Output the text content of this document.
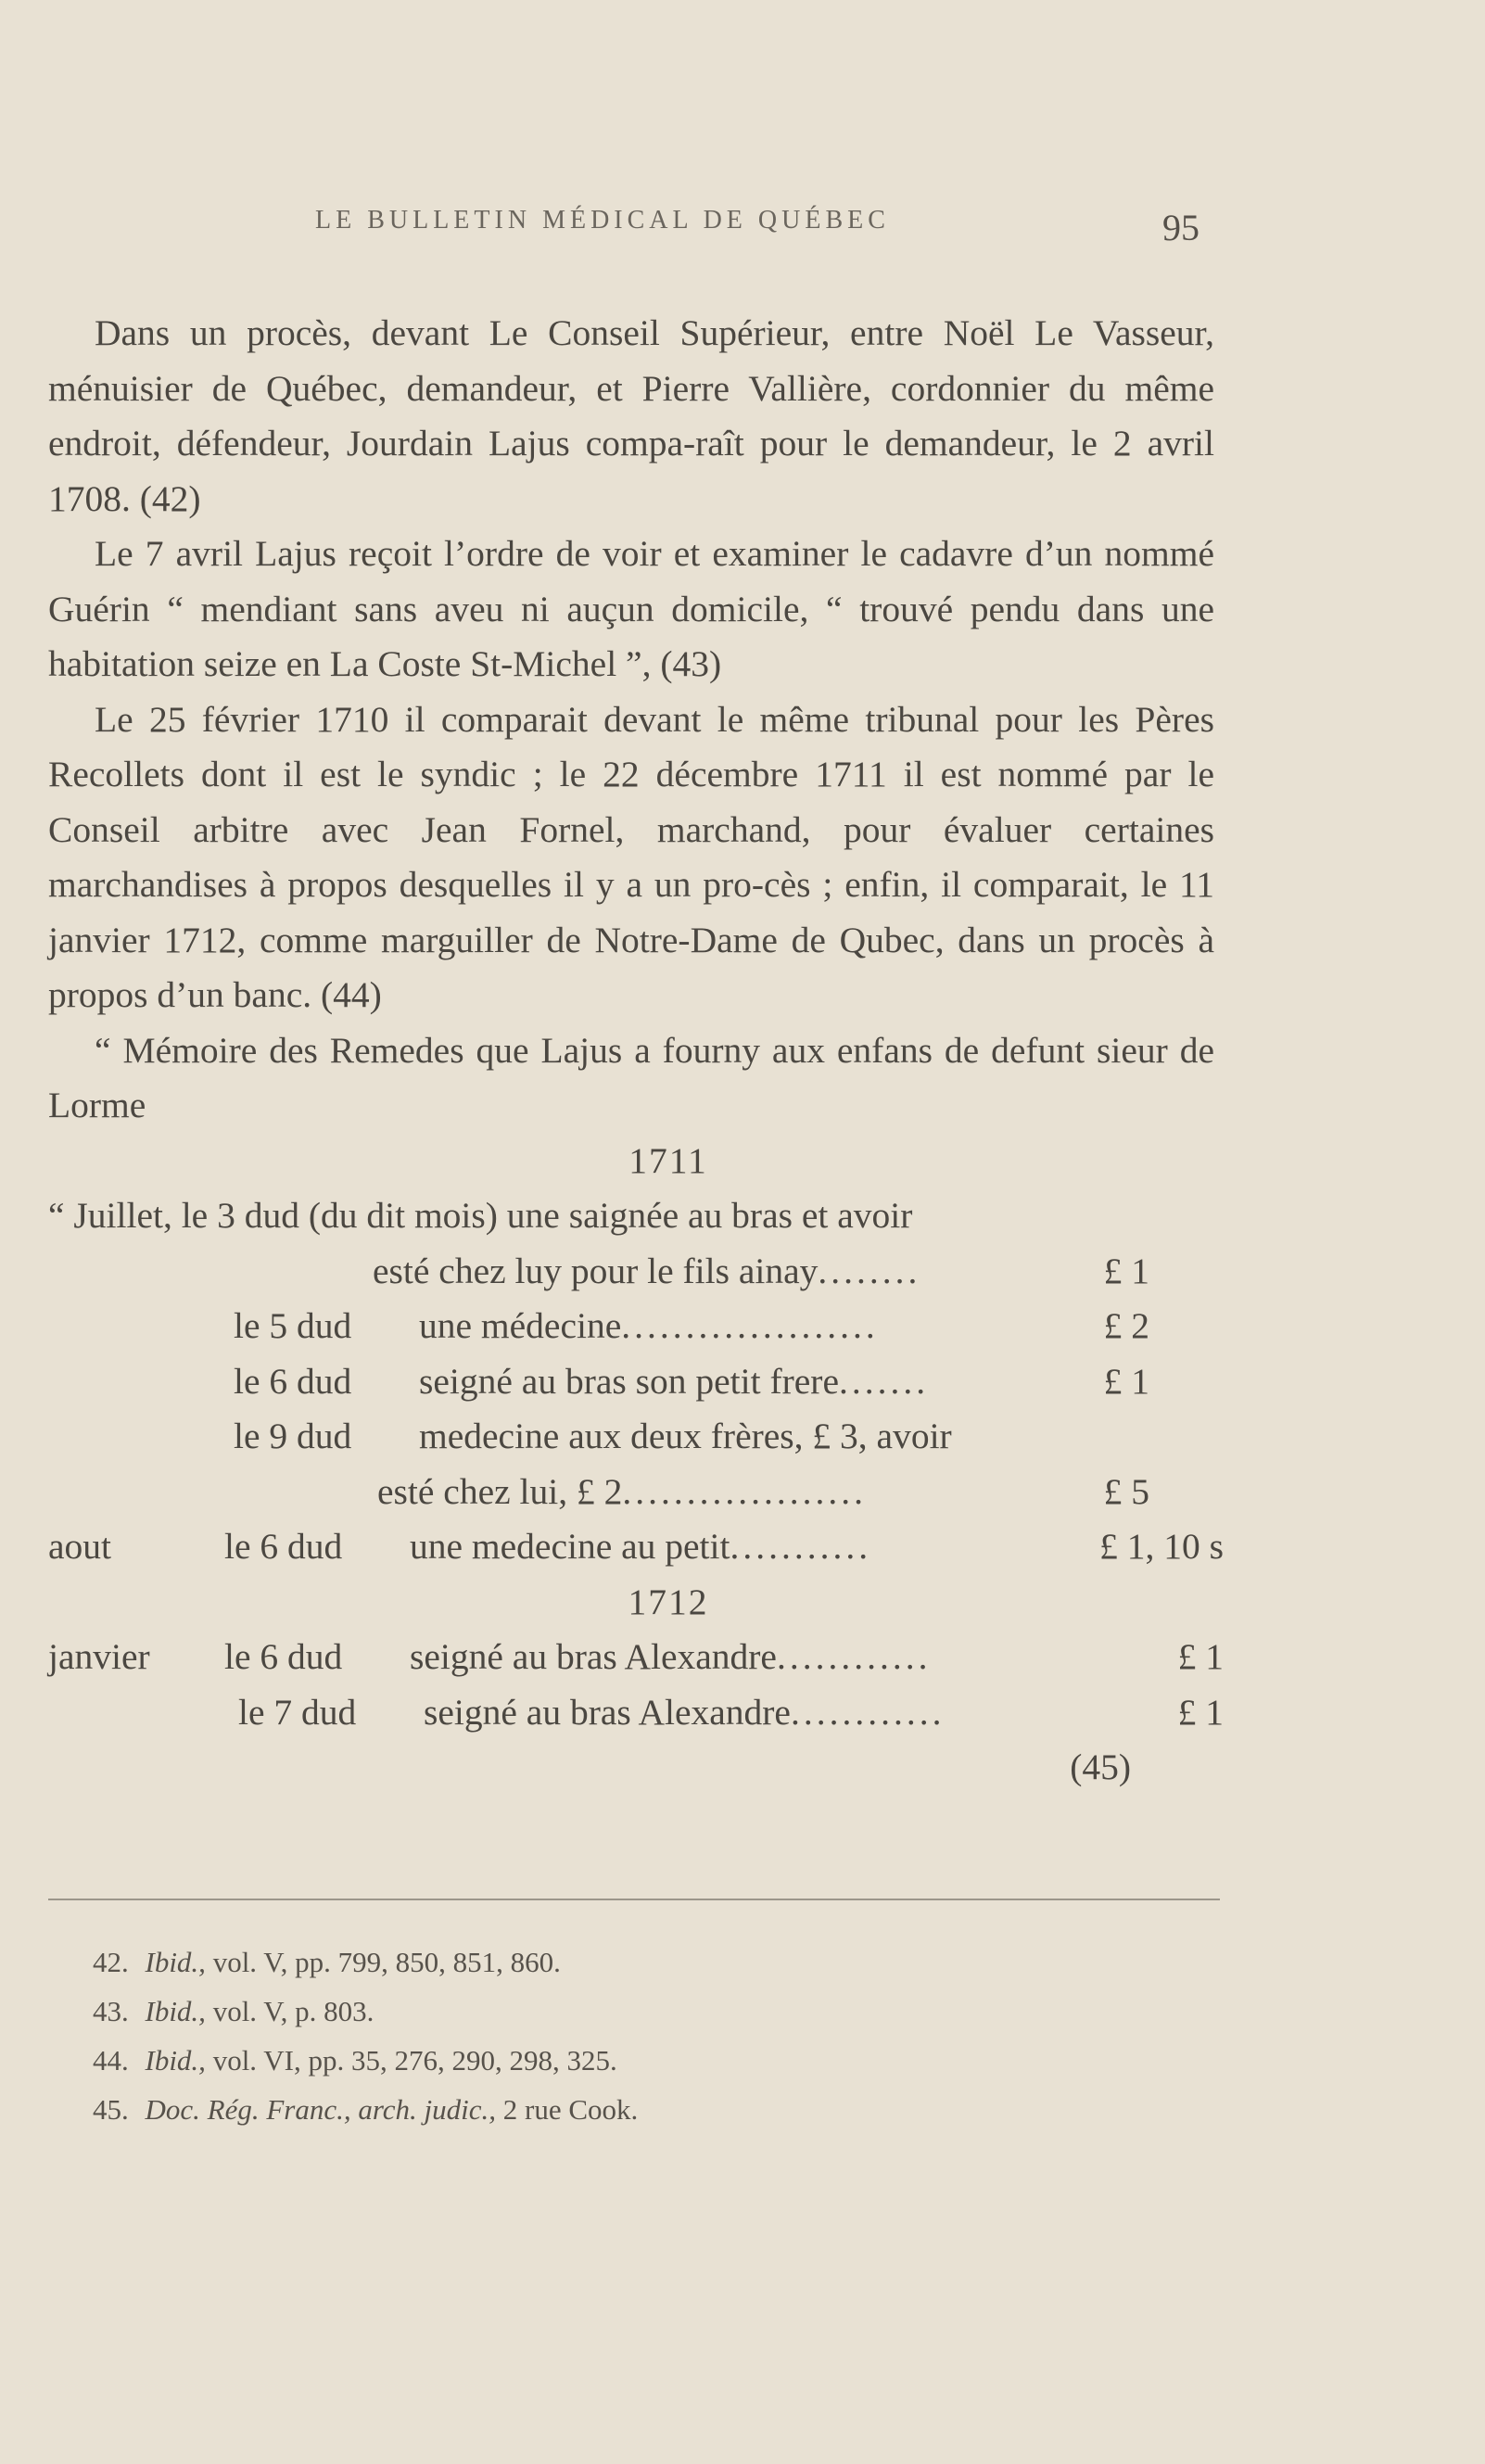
LE BULLETIN MÉDICAL DE QUÉBEC	95

Dans un procès, devant Le Conseil Supérieur, entre Noël Le Vasseur, ménuisier de Québec, demandeur, et Pierre Vallière, cordonnier du même endroit, défendeur, Jourdain Lajus compa-raît pour le demandeur, le 2 avril 1708. (42)

Le 7 avril Lajus reçoit l’ordre de voir et examiner le cadavre d’un nommé Guérin “ mendiant sans aveu ni auçun domicile, “ trouvé pendu dans une habitation seize en La Coste St-Michel ”, (43)

Le 25 février 1710 il comparait devant le même tribunal pour les Pères Recollets dont il est le syndic ; le 22 décembre 1711 il est nommé par le Conseil arbitre avec Jean Fornel, marchand, pour évaluer certaines marchandises à propos desquelles il y a un pro-cès ; enfin, il comparait, le 11 janvier 1712, comme marguiller de Notre-Dame de Qubec, dans un procès à propos d’un banc. (44)

“ Mémoire des Remedes que Lajus a fourny aux enfans de defunt sieur de Lorme

1711
“ Juillet, le 3 dud (du dit mois) une saignée au bras et avoir
esté chez luy pour le fils ainay ........	£ 1
le 5 dud	une médecine ....................	£ 2
le 6 dud	seigné au bras son petit frere .......	£ 1
le 9 dud	medecine aux deux frères, £ 3, avoir
esté chez lui, £ 2 ...................	£ 5
aout	le 6 dud	une medecine au petit ...........	£ 1, 10 s
1712
janvier	le 6 dud	seigné au bras Alexandre ............	£ 1
le 7 dud	seigné au bras Alexandre ............	£ 1
(45)
42. Ibid., vol. V, pp. 799, 850, 851, 860.
43. Ibid., vol. V, p. 803.
44. Ibid., vol. VI, pp. 35, 276, 290, 298, 325.
45. Doc. Rég. Franc., arch. judic., 2 rue Cook.
